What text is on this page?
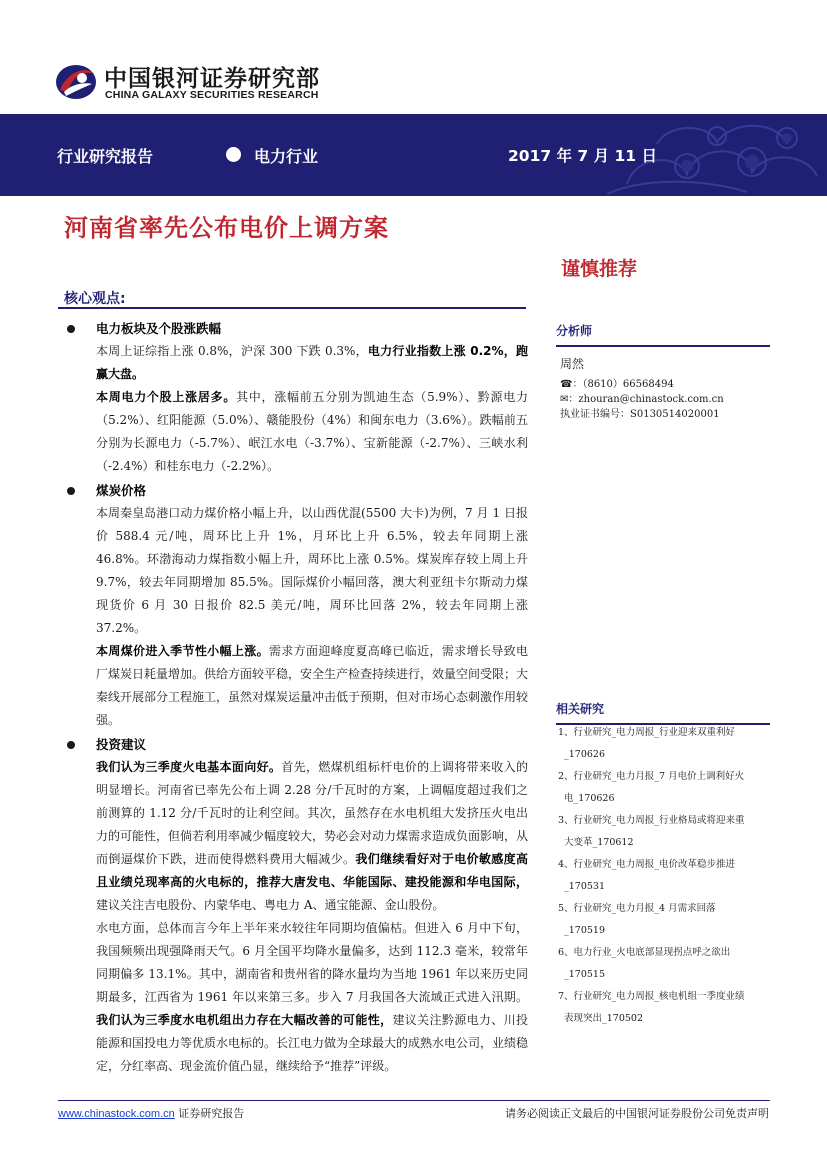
中国银河证券研究部
CHINA GALAXY SECURITIES RESEARCH
行业研究报告	电力行业	2017 年 7 月 11 日
河南省率先公布电价上调方案
谨慎推荐
核心观点:
电力板块及个股涨跌幅

本周上证综指上涨 0.8%，沪深 300 下跌 0.3%，电力行业指数上涨 0.2%，跑赢大盘。

本周电力个股上涨居多。其中，涨幅前五分别为凯迪生态（5.9%）、黔源电力（5.2%）、红阳能源（5.0%）、赣能股份（4%）和闽东电力（3.6%）。跌幅前五分别为长源电力（-5.7%）、岷江水电（-3.7%）、宝新能源（-2.7%）、三峡水利（-2.4%）和桂东电力（-2.2%）。

煤炭价格

本周秦皇岛港口动力煤价格小幅上升，以山西优混(5500 大卡)为例，7 月 1 日报价 588.4 元/吨，周环比上升 1%，月环比上升 6.5%，较去年同期上涨 46.8%。环渤海动力煤指数小幅上升，周环比上涨 0.5%。煤炭库存较上周上升 9.7%，较去年同期增加 85.5%。国际煤价小幅回落，澳大利亚纽卡尔斯动力煤现货价 6 月 30 日报价 82.5 美元/吨，周环比回落 2%，较去年同期上涨 37.2%。

本周煤价进入季节性小幅上涨。需求方面迎峰度夏高峰已临近，需求增长导致电厂煤炭日耗量增加。供给方面较平稳，安全生产检查持续进行，效量空间受限；大秦线开展部分工程施工，虽然对煤炭运量冲击低于预期，但对市场心态刺激作用较强。

投资建议

我们认为三季度火电基本面向好。首先，燃煤机组标杆电价的上调将带来收入的明显增长。河南省已率先公布上调 2.28 分/千瓦时的方案，上调幅度超过我们之前测算的 1.12 分/千瓦时的让利空间。其次，虽然存在水电机组大发挤压火电出力的可能性，但倘若利用率减少幅度较大，势必会对动力煤需求造成负面影响，从而倒逼煤价下跌，进而使得燃料费用大幅减少。我们继续看好对于电价敏感度高且业绩兑现率高的火电标的，推荐大唐发电、华能国际、建投能源和华电国际，建议关注吉电股份、内蒙华电、粤电力 A、通宝能源、金山股份。

水电方面，总体而言今年上半年来水较往年同期均值偏枯。但进入 6 月中下旬，我国频频出现强降雨天气。6 月全国平均降水量偏多，达到 112.3 毫米，较常年同期偏多 13.1%。其中，湖南省和贵州省的降水量均为当地 1961 年以来历史同期最多，江西省为 1961 年以来第三多。步入 7 月我国各大流域正式进入汛期。我们认为三季度水电机组出力存在大幅改善的可能性，建议关注黔源电力、川投能源和国投电力等优质水电标的。长江电力做为全球最大的成熟水电公司，业绩稳定，分红率高、现金流价值凸显，继续给予“推荐”评级。

分析师
周然
☎：（8610）66568494
✉：zhouran@chinastock.com.cn
执业证书编号：S0130514020001
相关研究
1、行业研究_电力周报_行业迎来双重利好
_170626
2、行业研究_电力月报_7 月电价上调利好火
电_170626
3、行业研究_电力周报_行业格局或将迎来重
大变革_170612
4、行业研究_电力周报_电价改革稳步推进
_170531
5、行业研究_电力月报_4 月需求回落
_170519
6、电力行业_火电底部显现拐点呼之欲出
_170515
7、行业研究_电力周报_核电机组一季度业绩
表现突出_170502
www.chinastock.com.cn 证券研究报告	请务必阅读正文最后的中国银河证券股份公司免责声明
